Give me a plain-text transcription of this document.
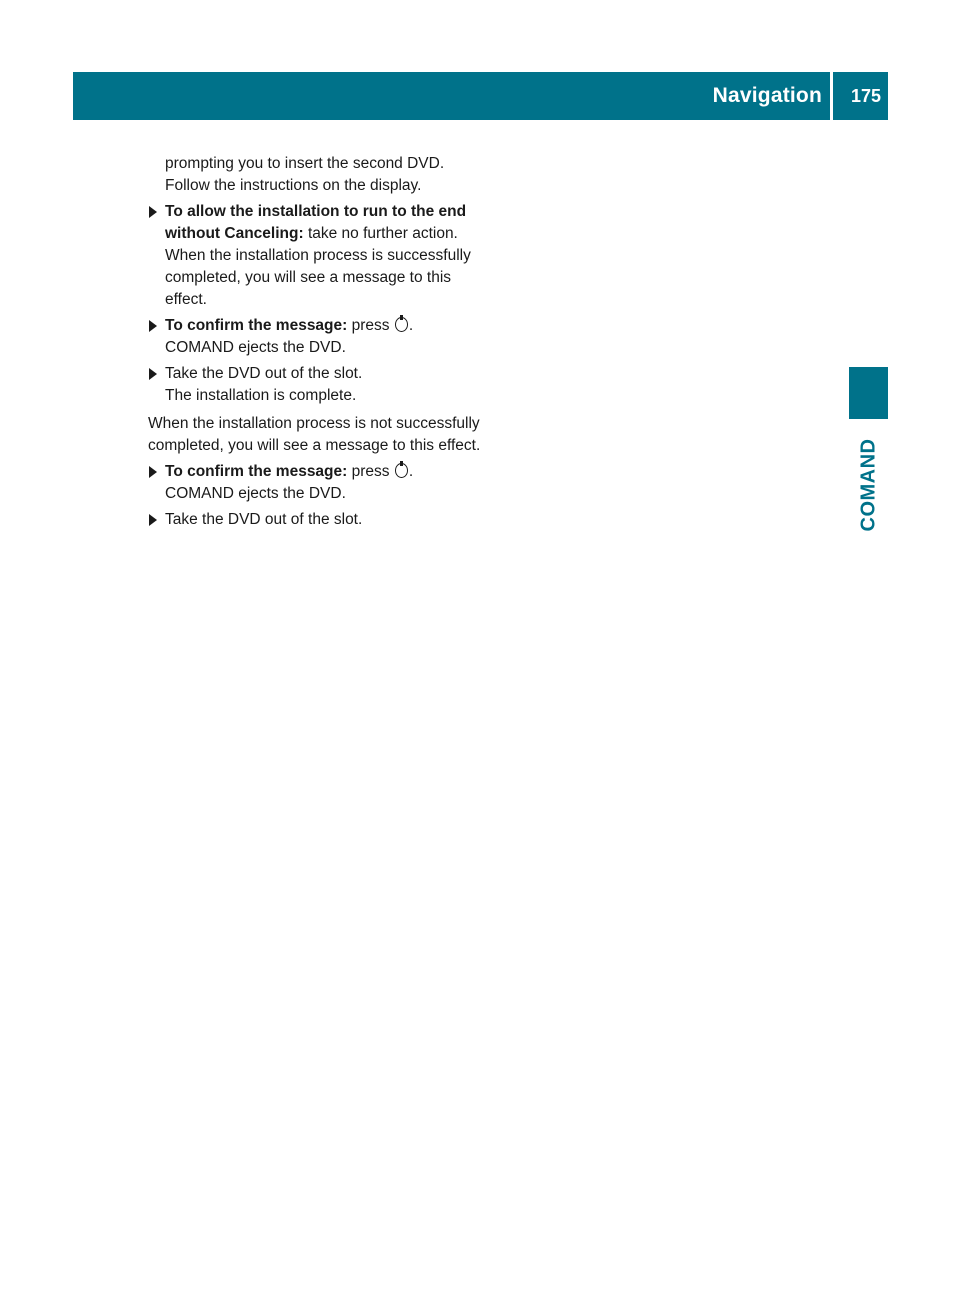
Navigation 175
COMAND

prompting you to insert the second DVD.

Follow the instructions on the display.

To allow the installation to run to the end without Canceling: take no further action.
When the installation process is successfully completed, you will see a message to this effect.
To confirm the message: press .
COMAND ejects the DVD.
Take the DVD out of the slot.
The installation is complete.

When the installation process is not successfully completed, you will see a message to this effect.

To confirm the message: press .
COMAND ejects the DVD.
Take the DVD out of the slot.
